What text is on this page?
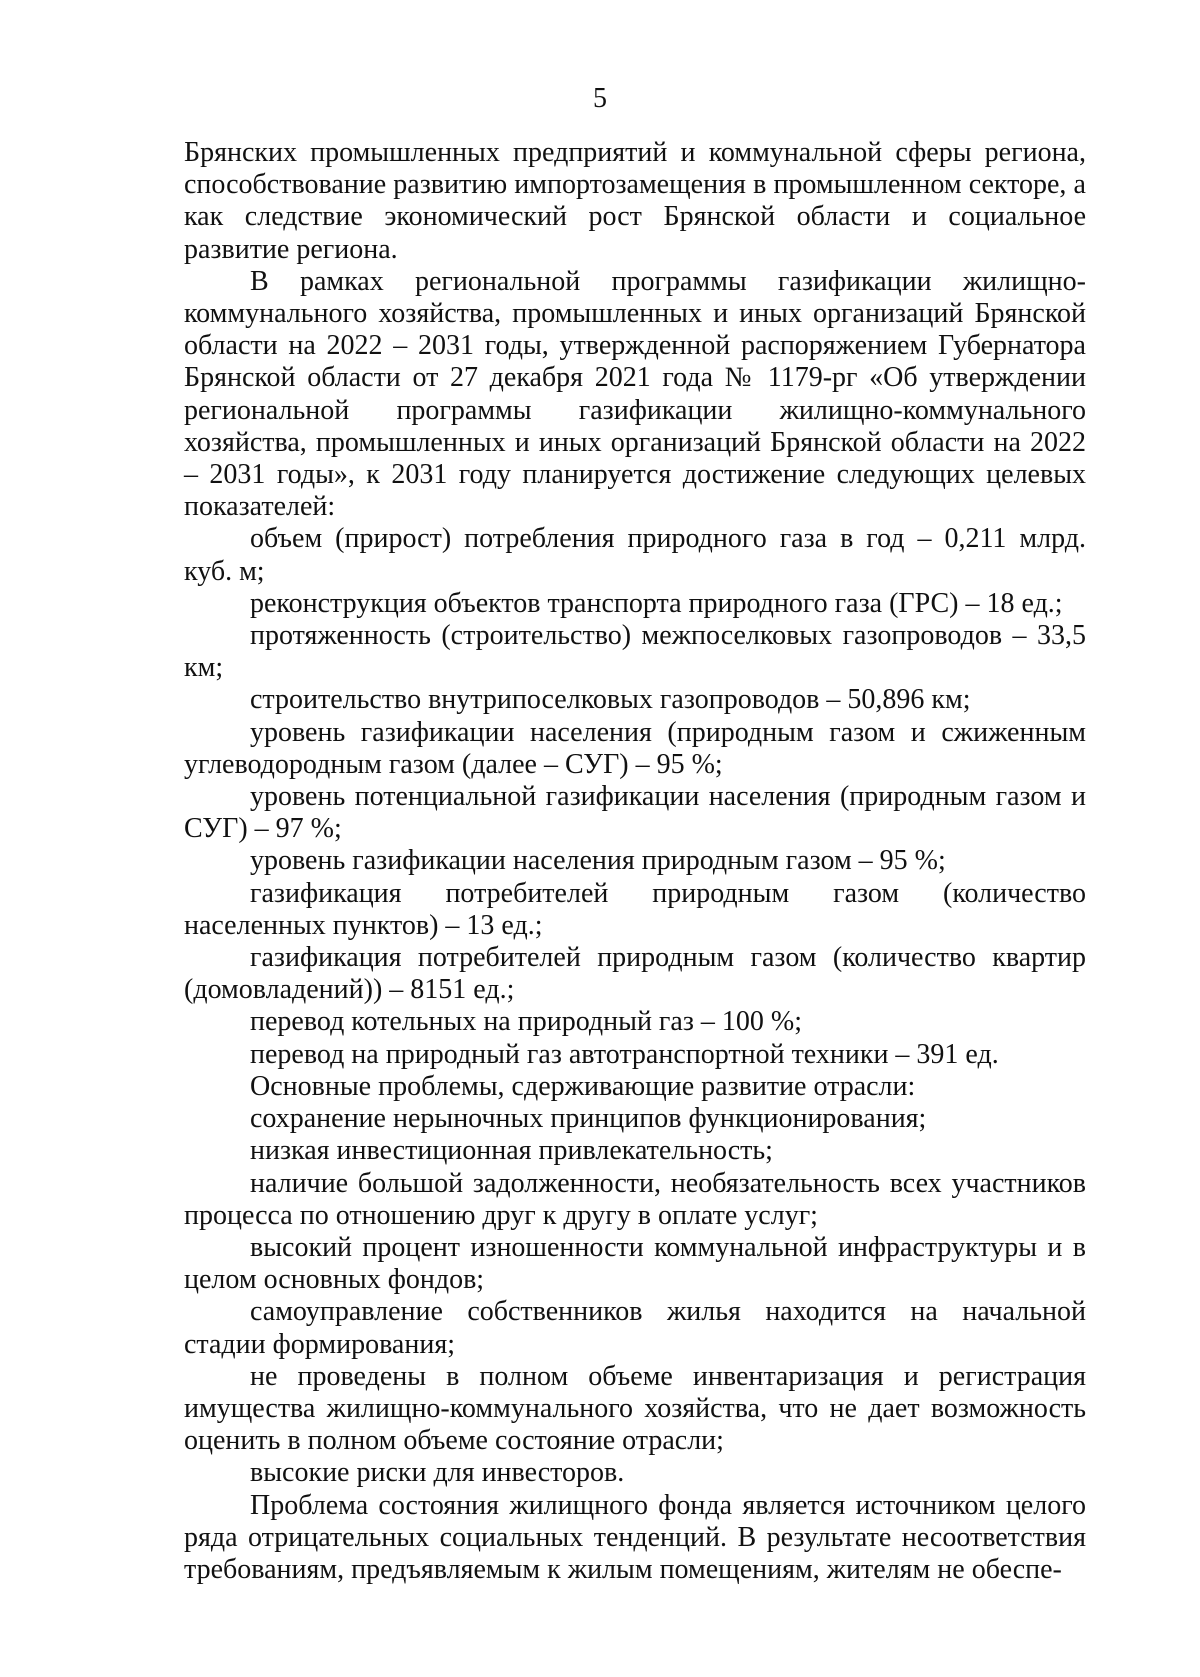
5

Брянских промышленных предприятий и коммунальной сферы региона, способствование развитию импортозамещения в промышленном секторе, а как следствие экономический рост Брянской области и социальное развитие региона.

В рамках региональной программы газификации жилищно-коммунального хозяйства, промышленных и иных организаций Брянской области на 2022 – 2031 годы, утвержденной распоряжением Губернатора Брянской области от 27 декабря 2021 года № 1179-рг «Об утверждении региональной программы газификации жилищно-коммунального хозяйства, промышленных и иных организаций Брянской области на 2022 – 2031 годы», к 2031 году планируется достижение следующих целевых показателей:

объем (прирост) потребления природного газа в год – 0,211 млрд. куб. м;

реконструкция объектов транспорта природного газа (ГРС) – 18 ед.;

протяженность (строительство) межпоселковых газопроводов – 33,5 км;

строительство внутрипоселковых газопроводов – 50,896 км;

уровень газификации населения (природным газом и сжиженным углеводородным газом (далее – СУГ) – 95 %;

уровень потенциальной газификации населения (природным газом и СУГ) – 97 %;

уровень газификации населения природным газом – 95 %;

газификация потребителей природным газом (количество населенных пунктов) – 13 ед.;

газификация потребителей природным газом (количество квартир (домовладений)) – 8151 ед.;

перевод котельных на природный газ – 100 %;

перевод на природный газ автотранспортной техники – 391 ед.

Основные проблемы, сдерживающие развитие отрасли:

сохранение нерыночных принципов функционирования;

низкая инвестиционная привлекательность;

наличие большой задолженности, необязательность всех участников процесса по отношению друг к другу в оплате услуг;

высокий процент изношенности коммунальной инфраструктуры и в целом основных фондов;

самоуправление собственников жилья находится на начальной стадии формирования;

не проведены в полном объеме инвентаризация и регистрация имущества жилищно-коммунального хозяйства, что не дает возможность оценить в полном объеме состояние отрасли;

высокие риски для инвесторов.

Проблема состояния жилищного фонда является источником целого ряда отрицательных социальных тенденций. В результате несоответствия требованиям, предъявляемым к жилым помещениям, жителям не обеспе-
